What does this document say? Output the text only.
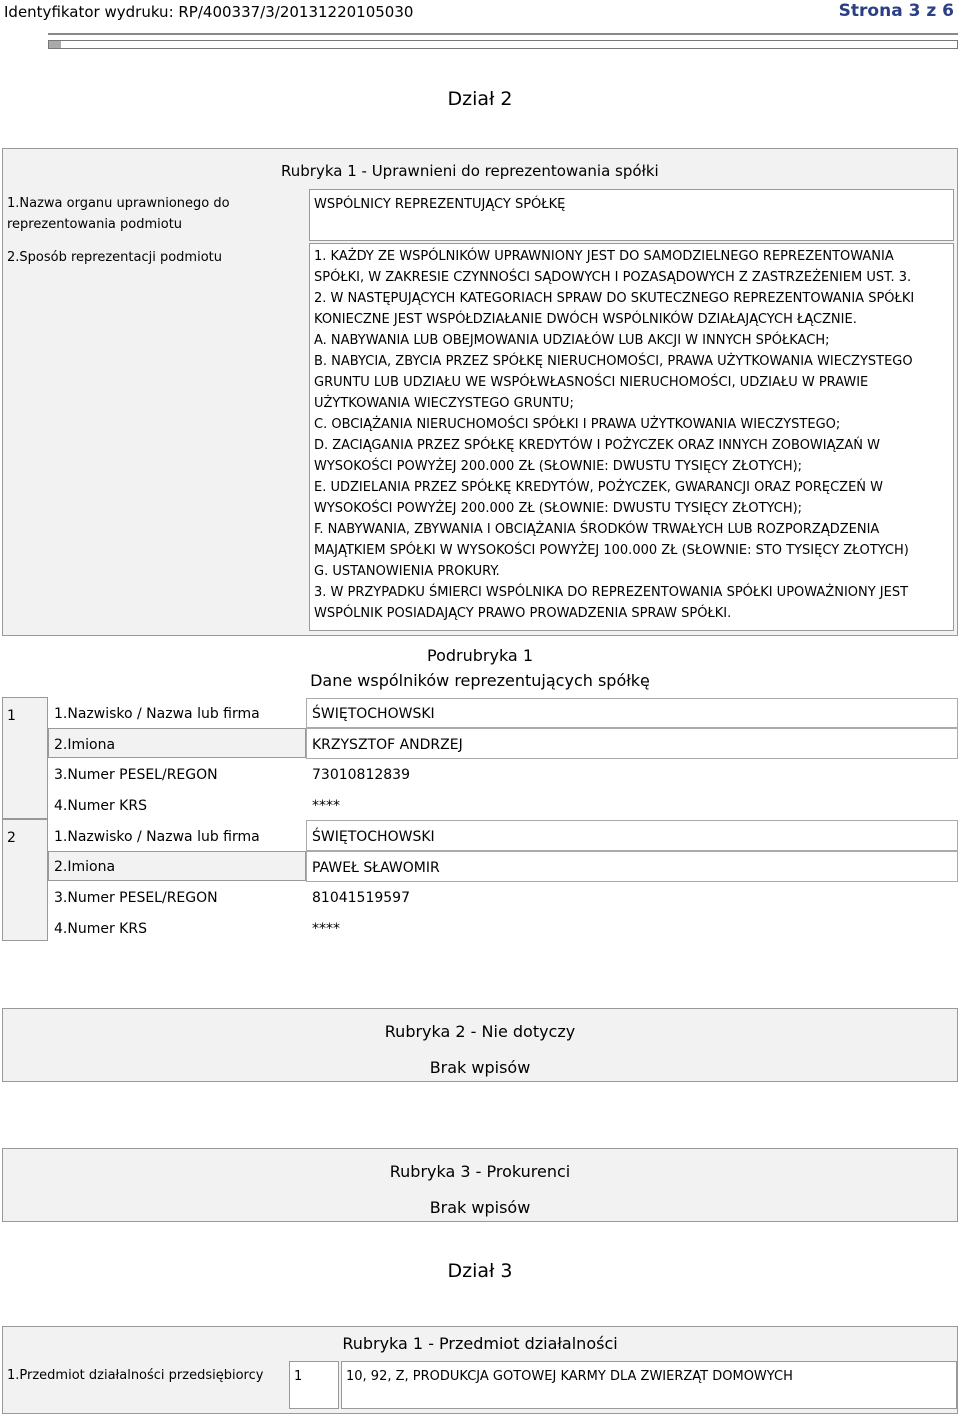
Identyfikator wydruku: RP/400337/3/20131220105030	Strona 3 z 6
Dział 2
Rubryka 1 - Uprawnieni do reprezentowania spółki
1.Nazwa organu uprawnionego do
reprezentowania podmiotu
WSPÓLNICY REPREZENTUJĄCY SPÓŁKĘ
2.Sposób reprezentacji podmiotu	1. KAŻDY ZE WSPÓLNIKÓW UPRAWNIONY JEST DO SAMODZIELNEGO REPREZENTOWANIA

SPÓŁKI, W ZAKRESIE CZYNNOŚCI SĄDOWYCH I POZASĄDOWYCH Z ZASTRZEŻENIEM UST. 3.

2. W NASTĘPUJĄCYCH KATEGORIACH SPRAW DO SKUTECZNEGO REPREZENTOWANIA SPÓŁKI

KONIECZNE JEST WSPÓŁDZIAŁANIE DWÓCH WSPÓLNIKÓW DZIAŁAJĄCYCH ŁĄCZNIE.

A. NABYWANIA LUB OBEJMOWANIA UDZIAŁÓW LUB AKCJI W INNYCH SPÓŁKACH;

B. NABYCIA, ZBYCIA PRZEZ SPÓŁKĘ NIERUCHOMOŚCI, PRAWA UŻYTKOWANIA WIECZYSTEGO

GRUNTU LUB UDZIAŁU WE WSPÓŁWŁASNOŚCI NIERUCHOMOŚCI, UDZIAŁU W PRAWIE

UŻYTKOWANIA WIECZYSTEGO GRUNTU;

C. OBCIĄŻANIA NIERUCHOMOŚCI SPÓŁKI I PRAWA UŻYTKOWANIA WIECZYSTEGO;

D. ZACIĄGANIA PRZEZ SPÓŁKĘ KREDYTÓW I POŻYCZEK ORAZ INNYCH ZOBOWIĄZAŃ W

WYSOKOŚCI POWYŻEJ 200.000 ZŁ (SŁOWNIE: DWUSTU TYSIĘCY ZŁOTYCH);

E. UDZIELANIA PRZEZ SPÓŁKĘ KREDYTÓW, POŻYCZEK, GWARANCJI ORAZ PORĘCZEŃ W

WYSOKOŚCI POWYŻEJ 200.000 ZŁ (SŁOWNIE: DWUSTU TYSIĘCY ZŁOTYCH);

F. NABYWANIA, ZBYWANIA I OBCIĄŻANIA ŚRODKÓW TRWAŁYCH LUB ROZPORZĄDZENIA

MAJĄTKIEM SPÓŁKI W WYSOKOŚCI POWYŻEJ 100.000 ZŁ (SŁOWNIE: STO TYSIĘCY ZŁOTYCH)

G. USTANOWIENIA PROKURY.

3. W PRZYPADKU ŚMIERCI WSPÓLNIKA DO REPREZENTOWANIA SPÓŁKI UPOWAŻNIONY JEST

WSPÓLNIK POSIADAJĄCY PRAWO PROWADZENIA SPRAW SPÓŁKI.

Podrubryka 1
Dane wspólników reprezentujących spółkę
1	1.Nazwisko / Nazwa lub firma	ŚWIĘTOCHOWSKI
2.Imiona	KRZYSZTOF ANDRZEJ
3.Numer PESEL/REGON	73010812839
4.Numer KRS	****
2	1.Nazwisko / Nazwa lub firma	ŚWIĘTOCHOWSKI
2.Imiona	PAWEŁ SŁAWOMIR
3.Numer PESEL/REGON	81041519597
4.Numer KRS	****
Rubryka 2 - Nie dotyczy
Brak wpisów
Rubryka 3 - Prokurenci
Brak wpisów
Dział 3
Rubryka 1 - Przedmiot działalności
1.Przedmiot działalności przedsiębiorcy	1	10, 92, Z, PRODUKCJA GOTOWEJ KARMY DLA ZWIERZĄT DOMOWYCH
